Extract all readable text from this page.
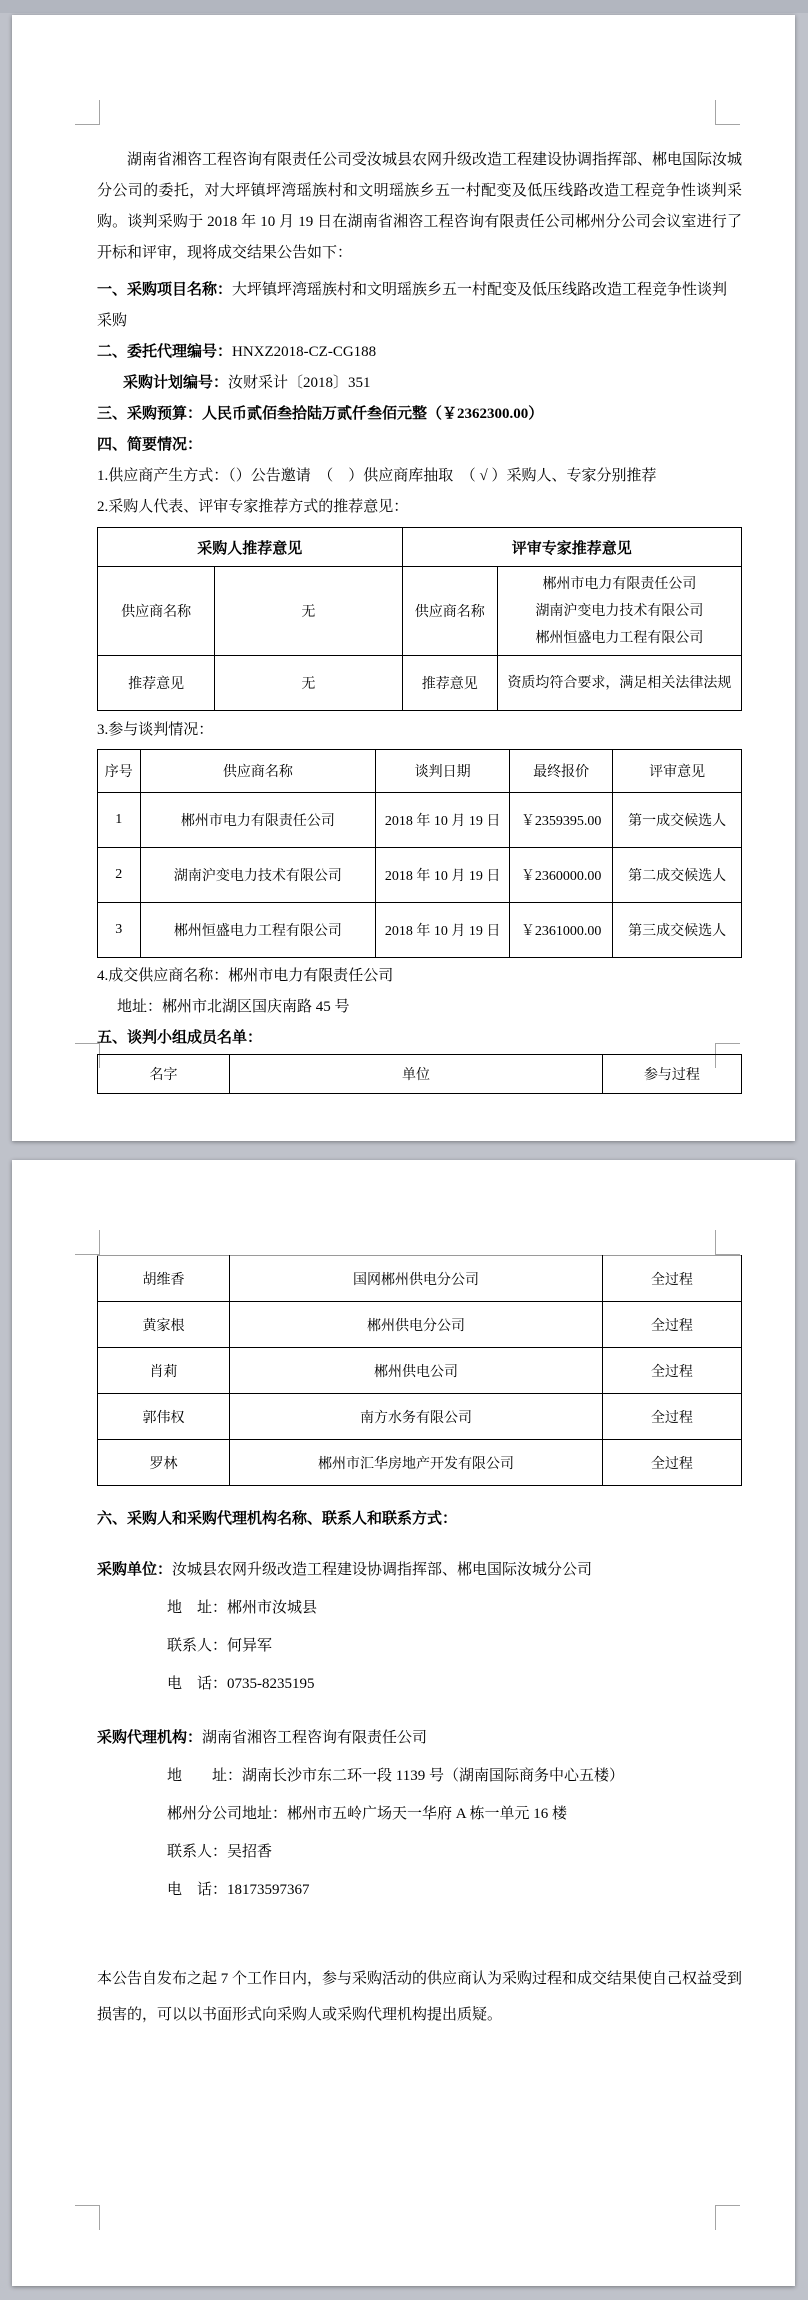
湖南省湘咨工程咨询有限责任公司受汝城县农网升级改造工程建设协调指挥部、郴电国际汝城分公司的委托，对大坪镇坪湾瑶族村和文明瑶族乡五一村配变及低压线路改造工程竞争性谈判采　购。谈判采购于 2018 年 10 月 19 日在湖南省湘咨工程咨询有限责任公司郴州分公司会议室进行了开标和评审，现将成交结果公告如下：

一、采购项目名称：大坪镇坪湾瑶族村和文明瑶族乡五一村配变及低压线路改造工程竞争性谈判采购

二、委托代理编号：HNXZ2018-CZ-CG188

采购计划编号：汝财采计〔2018〕351

三、采购预算：人民币贰佰叁拾陆万贰仟叁佰元整（￥2362300.00）

四、简要情况：

1.供应商产生方式：（）公告邀请　（　）供应商库抽取　（ √ ）采购人、专家分别推荐

2.采购人代表、评审专家推荐方式的推荐意见：

采购人推荐意见		评审专家推荐意见	
供应商名称	无	供应商名称	郴州市电力有限责任公司
湖南沪变电力技术有限公司
郴州恒盛电力工程有限公司

推荐意见	无	推荐意见	资质均符合要求，满足相关法律法规

3.参与谈判情况：

序号	供应商名称	谈判日期	最终报价	评审意见
1	郴州市电力有限责任公司	2018 年 10 月 19 日	￥2359395.00	第一成交候选人
2	湖南沪变电力技术有限公司	2018 年 10 月 19 日	￥2360000.00	第二成交候选人
3	郴州恒盛电力工程有限公司	2018 年 10 月 19 日	￥2361000.00	第三成交候选人

4.成交供应商名称：郴州市电力有限责任公司

地址：郴州市北湖区国庆南路 45 号

五、谈判小组成员名单：

名字	单位	参与过程
胡维香	国网郴州供电分公司	全过程
黄家根	郴州供电分公司	全过程
肖莉	郴州供电公司	全过程
郭伟权	南方水务有限公司	全过程
罗林	郴州市汇华房地产开发有限公司	全过程

六、采购人和采购代理机构名称、联系人和联系方式：

采购单位：汝城县农网升级改造工程建设协调指挥部、郴电国际汝城分公司

地　址：郴州市汝城县

联系人：何异军

电　话：0735-8235195

采购代理机构：湖南省湘咨工程咨询有限责任公司

地　　址：湖南长沙市东二环一段 1139 号（湖南国际商务中心五楼）

郴州分公司地址：郴州市五岭广场天一华府 A 栋一单元 16 楼

联系人：吴招香

电　话：18173597367

本公告自发布之起 7 个工作日内，参与采购活动的供应商认为采购过程和成交结果使自己权益受到损害的，可以以书面形式向采购人或采购代理机构提出质疑。
